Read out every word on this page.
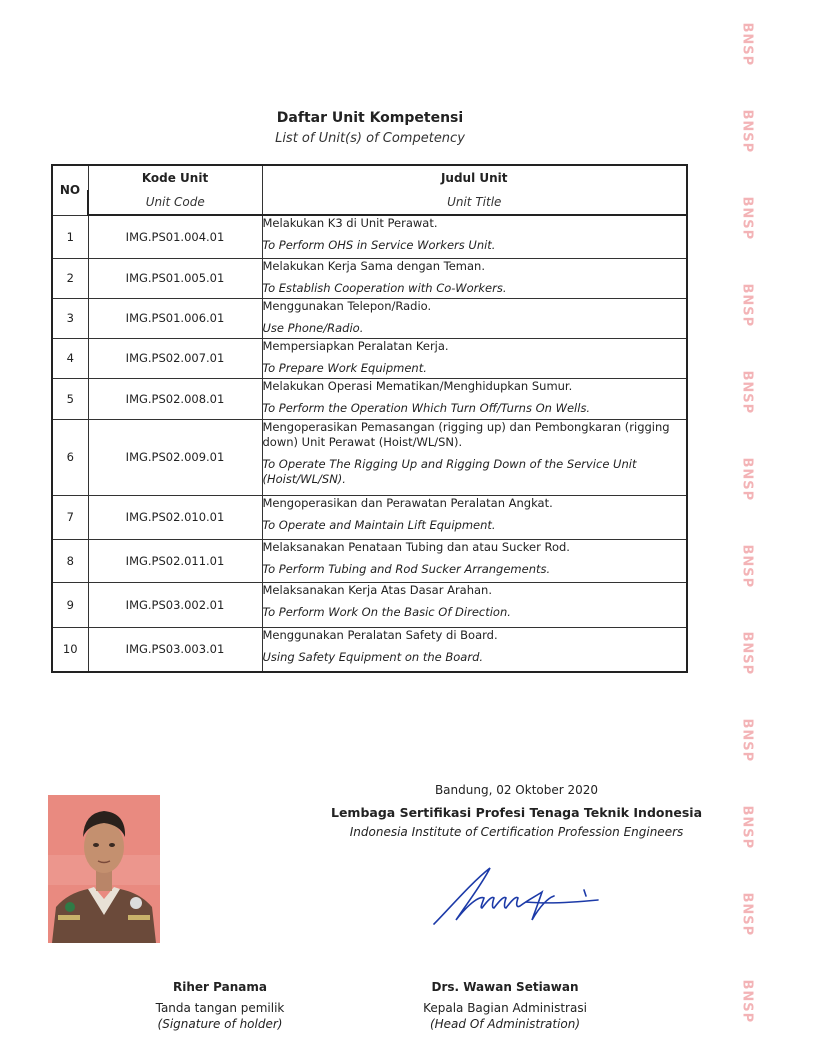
Daftar Unit Kompetensi
List of Unit(s) of Competency
NO	Kode Unit	Judul Unit
	Unit Code	Unit Title
1	IMG.PS01.004.01	Melakukan K3 di Unit Perawat.
To Perform OHS in Service Workers Unit.

2	IMG.PS01.005.01	Melakukan Kerja Sama dengan Teman.
To Establish Cooperation with Co-Workers.

3	IMG.PS01.006.01	Menggunakan Telepon/Radio.
Use Phone/Radio.

4	IMG.PS02.007.01	Mempersiapkan Peralatan Kerja.
To Prepare Work Equipment.

5	IMG.PS02.008.01	Melakukan Operasi Mematikan/Menghidupkan Sumur.
To Perform the Operation Which Turn Off/Turns On Wells.

6	IMG.PS02.009.01	Mengoperasikan Pemasangan (rigging up) dan Pembongkaran (rigging down) Unit Perawat (Hoist/WL/SN).
To Operate The Rigging Up and Rigging Down of the Service Unit (Hoist/WL/SN).

7	IMG.PS02.010.01	Mengoperasikan dan Perawatan Peralatan Angkat.
To Operate and Maintain Lift Equipment.

8	IMG.PS02.011.01	Melaksanakan Penataan Tubing dan atau Sucker Rod.
To Perform Tubing and Rod Sucker Arrangements.

9	IMG.PS03.002.01	Melaksanakan Kerja Atas Dasar Arahan.
To Perform Work On the Basic Of Direction.

10	IMG.PS03.003.01	Menggunakan Peralatan Safety di Board.
Using Safety Equipment on the Board.
Bandung, 02 Oktober 2020
Lembaga Sertifikasi Profesi Tenaga Teknik Indonesia
Indonesia Institute of Certification Profession Engineers
Riher Panama
Tanda tangan pemilik
(Signature of holder)
Drs. Wawan Setiawan
Kepala Bagian Administrasi
(Head Of Administration)
BNSP
BNSP
BNSP
BNSP
BNSP
BNSP
BNSP
BNSP
BNSP
BNSP
BNSP
BNSP
